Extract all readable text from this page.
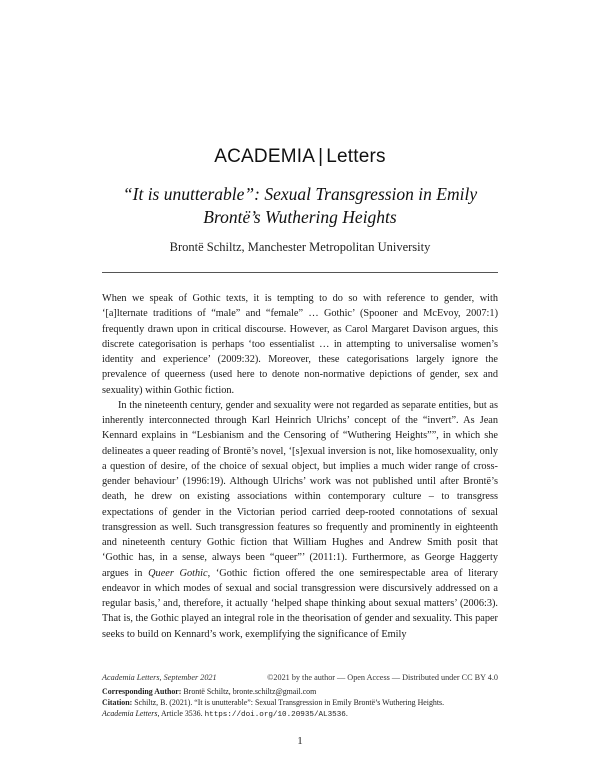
ACADEMIA | Letters

“It is unutterable”: Sexual Transgression in Emily

Brontë’s Wuthering Heights

Brontë Schiltz, Manchester Metropolitan University

When we speak of Gothic texts, it is tempting to do so with reference to gender, with ‘[a]lternate traditions of “male” and “female” … Gothic’ (Spooner and McEvoy, 2007:1) frequently drawn upon in critical discourse. However, as Carol Margaret Davison argues, this discrete categorisation is perhaps ‘too essentialist … in attempting to universalise women’s identity and experience’ (2009:32). Moreover, these categorisations largely ignore the prevalence of queerness (used here to denote non-normative depictions of gender, sex and sexuality) within Gothic fiction.

In the nineteenth century, gender and sexuality were not regarded as separate entities, but as inherently interconnected through Karl Heinrich Ulrichs’ concept of the “invert”. As Jean Kennard explains in “Lesbianism and the Censoring of “Wuthering Heights””, in which she delineates a queer reading of Brontë’s novel, ‘[s]exual inversion is not, like homosexuality, only a question of desire, of the choice of sexual object, but implies a much wider range of cross-gender behaviour’ (1996:19). Although Ulrichs’ work was not published until after Brontë’s death, he drew on existing associations within contemporary culture – to transgress expectations of gender in the Victorian period carried deep-rooted connotations of sexual transgression as well. Such transgression features so frequently and prominently in eighteenth and nineteenth century Gothic fiction that William Hughes and Andrew Smith posit that ‘Gothic has, in a sense, always been “queer”’ (2011:1). Furthermore, as George Haggerty argues in Queer Gothic, ‘Gothic fiction offered the one semirespectable area of literary endeavor in which modes of sexual and social transgression were discursively addressed on a regular basis,’ and, therefore, it actually ‘helped shape thinking about sexual matters’ (2006:3). That is, the Gothic played an integral role in the theorisation of gender and sexuality. This paper seeks to build on Kennard’s work, exemplifying the significance of Emily

Academia Letters, September 2021	©2021 by the author — Open Access — Distributed under CC BY 4.0
Corresponding Author: Brontë Schiltz, bronte.schiltz@gmail.com
Citation: Schiltz, B. (2021). “It is unutterable”: Sexual Transgression in Emily Brontë’s Wuthering Heights.
Academia Letters, Article 3536. https://doi.org/10.20935/AL3536.
1
